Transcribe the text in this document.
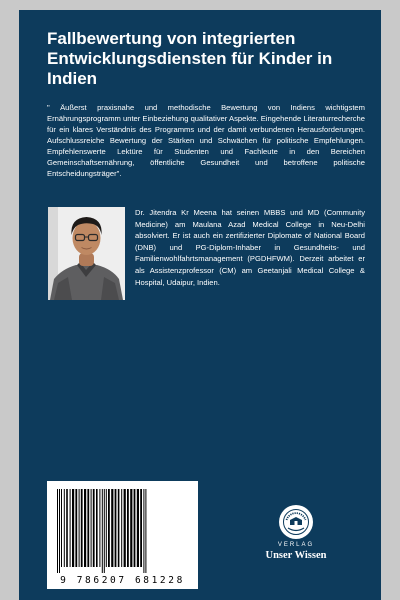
Fallbewertung von integrierten Entwicklungsdiensten für Kinder in Indien

" Äußerst praxisnahe und methodische Bewertung von Indiens wichtigstem Ernährungsprogramm unter Einbeziehung qualitativer Aspekte. Eingehende Literaturrecherche für ein klares Verständnis des Programms und der damit verbundenen Herausforderungen. Aufschlussreiche Bewertung der Stärken und Schwächen für politische Empfehlungen. Empfehlenswerte Lektüre für Studenten und Fachleute in den Bereichen Gemeinschaftsernährung, öffentliche Gesundheit und betroffene politische Entscheidungsträger".

Dr. Jitendra Kr Meena hat seinen MBBS und MD (Community Medicine) am Maulana Azad Medical College in Neu-Delhi absolviert. Er ist auch ein zertifizierter Diplomate of National Board (DNB) und PG-Diplom-Inhaber in Gesundheits- und Familienwohlfahrtsmanagement (PGDHFWM). Derzeit arbeitet er als Assistenzprofessor (CM) am Geetanjali Medical College & Hospital, Udaipur, Indien.

9 786207 681228
VERLAG
Unser Wissen
